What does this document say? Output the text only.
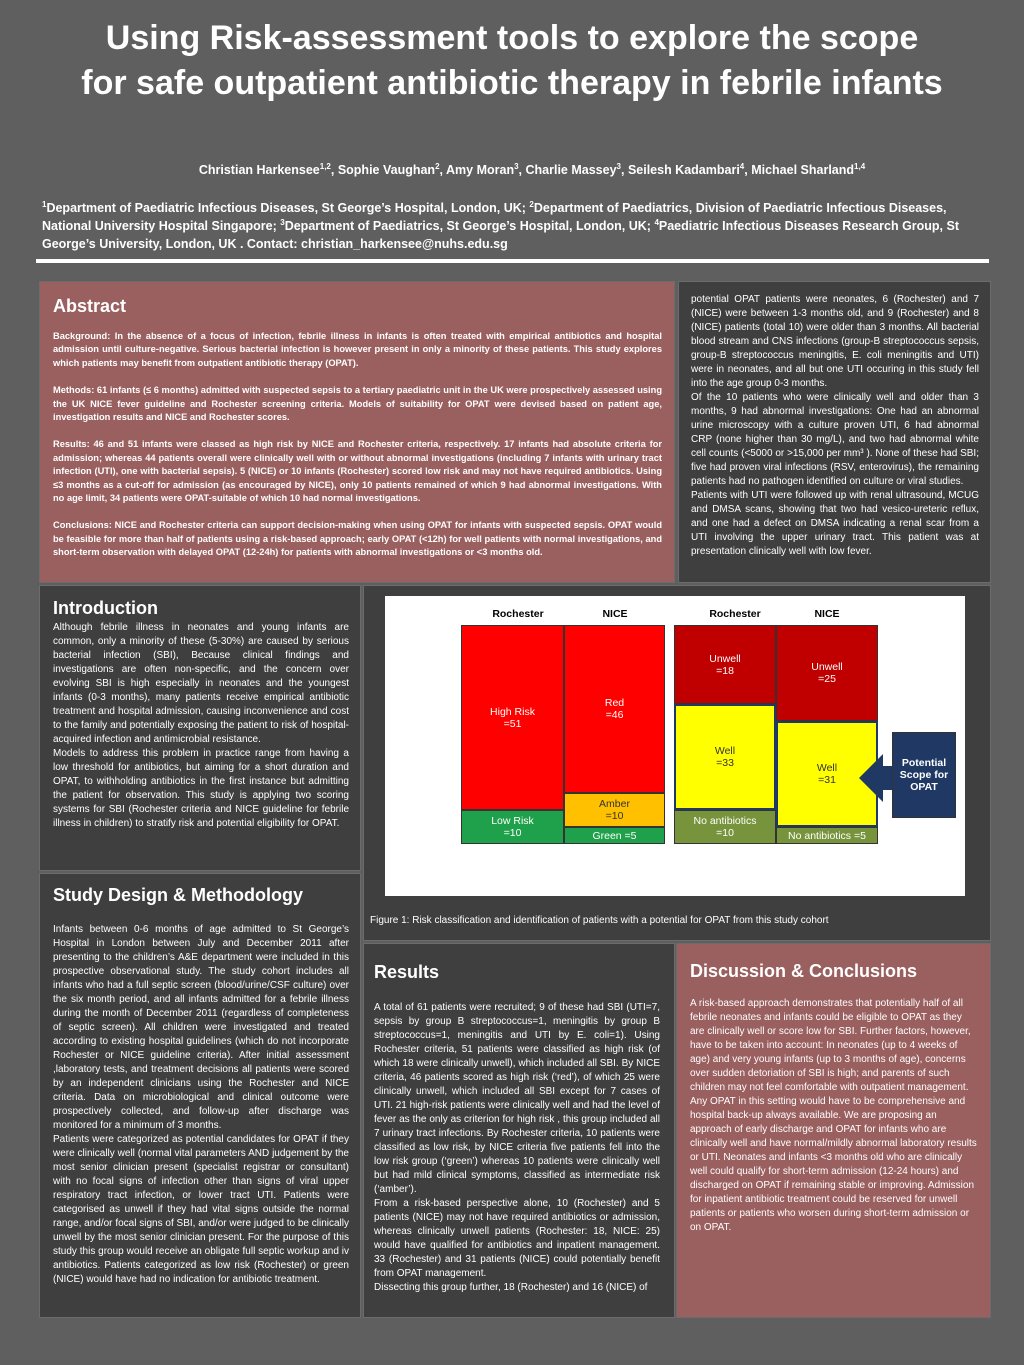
Using Risk-assessment tools to explore the scope
for safe outpatient antibiotic therapy in febrile infants
Christian Harkensee$^{1,2}$, Sophie Vaughan$^2$, Amy Moran$^3$, Charlie Massey$^3$, Seilesh Kadambari$^4$, Michael Sharland$^{1,4}$
$^1$Department of Paediatric Infectious Diseases, St George’s Hospital, London, UK; $^2$Department of Paediatrics, Division of Paediatric Infectious Diseases, National University Hospital Singapore; $^3$Department of Paediatrics, St George’s Hospital, London, UK; $^4$Paediatric Infectious Diseases Research Group, St George’s University, London, UK . Contact: christian_harkensee@nuhs.edu.sg
Abstract

Background: In the absence of a focus of infection, febrile illness in infants is often treated with empirical antibiotics and hospital admission until culture-negative. Serious bacterial infection is however present in only a minority of these patients. This study explores which patients may benefit from outpatient antibiotic therapy (OPAT).

Methods: 61 infants (≤ 6 months) admitted with suspected sepsis to a tertiary paediatric unit in the UK were prospectively assessed using the UK NICE fever guideline and Rochester screening criteria. Models of suitability for OPAT were devised based on patient age, investigation results and NICE and Rochester scores.

Results: 46 and 51 infants were classed as high risk by NICE and Rochester criteria, respectively. 17 infants had absolute criteria for admission; whereas 44 patients overall were clinically well with or without abnormal investigations (including 7 infants with urinary tract infection (UTI), one with bacterial sepsis). 5 (NICE) or 10 infants (Rochester) scored low risk and may not have required antibiotics. Using ≤3 months as a cut-off for admission (as encouraged by NICE), only 10 patients remained of which 9 had abnormal investigations. With no age limit, 34 patients were OPAT-suitable of which 10 had normal investigations.

Conclusions: NICE and Rochester criteria can support decision-making when using OPAT for infants with suspected sepsis. OPAT would be feasible for more than half of patients using a risk-based approach; early OPAT (<12h) for well patients with normal investigations, and short-term observation with delayed OPAT (12-24h) for patients with abnormal investigations or <3 months old.

potential OPAT patients were neonates, 6 (Rochester) and 7 (NICE) were between 1-3 months old, and 9 (Rochester) and 8 (NICE) patients (total 10) were older than 3 months. All bacterial blood stream and CNS infections (group-B streptococcus sepsis, group-B streptococcus meningitis, E. coli meningitis and UTI) were in neonates, and all but one UTI occuring in this study fell into the age group 0-3 months.

Of the 10 patients who were clinically well and older than 3 months, 9 had abnormal investigations: One had an abnormal urine microscopy with a culture proven UTI, 6 had abnormal CRP (none higher than 30 mg/L), and two had abnormal white cell counts (<5000 or >15,000 per mm³ ). None of these had SBI; five had proven viral infections (RSV, enterovirus), the remaining patients had no pathogen identified on culture or viral studies.

Patients with UTI were followed up with renal ultrasound, MCUG and DMSA scans, showing that two had vesico-ureteric reflux, and one had a defect on DMSA indicating a renal scar from a UTI involving the upper urinary tract. This patient was at presentation clinically well with low fever.

Introduction

Although febrile illness in neonates and young infants are common, only a minority of these (5-30%) are caused by serious bacterial infection (SBI), Because clinical findings and investigations are often non-specific, and the concern over evolving SBI is high especially in neonates and the youngest infants (0-3 months), many patients receive empirical antibiotic treatment and hospital admission, causing inconvenience and cost to the family and potentially exposing the patient to risk of hospital-acquired infection and antimicrobial resistance.

Models to address this problem in practice range from having a low threshold for antibiotics, but aiming for a short duration and OPAT, to withholding antibiotics in the first instance but admitting the patient for observation. This study is applying two scoring systems for SBI (Rochester criteria and NICE guideline for febrile illness in children) to stratify risk and potential eligibility for OPAT.

Study Design & Methodology

Infants between 0-6 months of age admitted to St George’s Hospital in London between July and December 2011 after presenting to the children’s A&E department were included in this prospective observational study. The study cohort includes all infants who had a full septic screen (blood/urine/CSF culture) over the six month period, and all infants admitted for a febrile illness during the month of December 2011 (regardless of completeness of septic screen). All children were investigated and treated according to existing hospital guidelines (which do not incorporate Rochester or NICE guideline criteria). After initial assessment ,laboratory tests, and treatment decisions all patients were scored by an independent clinicians using the Rochester and NICE criteria. Data on microbiological and clinical outcome were prospectively collected, and follow-up after discharge was monitored for a minimum of 3 months.

Patients were categorized as potential candidates for OPAT if they were clinically well (normal vital parameters AND judgement by the most senior clinician present (specialist registrar or consultant) with no focal signs of infection other than signs of viral upper respiratory tract infection, or lower tract UTI. Patients were categorised as unwell if they had vital signs outside the normal range, and/or focal signs of SBI, and/or were judged to be clinically unwell by the most senior clinician present. For the purpose of this study this group would receive an obligate full septic workup and iv antibiotics. Patients categorized as low risk (Rochester) or green (NICE) would have had no indication for antibiotic treatment.

Rochester	NICE	Rochester	NICE
High Risk
=51
Low Risk
=10
Red
=46
Amber
=10
Green =5
Unwell
=18
Well
=33
No antibiotics
=10
Unwell
=25
Well
=31
No antibiotics =5
Potential
Scope for
OPAT
Figure 1: Risk classification and identification of patients with a potential for OPAT from this study cohort
Results

A total of 61 patients were recruited; 9 of these had SBI (UTI=7, sepsis by group B streptococcus=1, meningitis by group B streptococcus=1, meningitis and UTI by E. coli=1). Using Rochester criteria, 51 patients were classified as high risk (of which 18 were clinically unwell), which included all SBI. By NICE criteria, 46 patients scored as high risk (‘red’), of which 25 were clinically unwell, which included all SBI except for 7 cases of UTI. 21 high-risk patients were clinically well and had the level of fever as the only as criterion for high risk , this group included all 7 urinary tract infections. By Rochester criteria, 10 patients were classified as low risk, by NICE criteria five patients fell into the low risk group (‘green’) whereas 10 patients were clinically well but had mild clinical symptoms, classified as intermediate risk (‘amber’).

From a risk-based perspective alone, 10 (Rochester) and 5 patients (NICE) may not have required antibiotics or admission, whereas clinically unwell patients (Rochester: 18, NICE: 25) would have qualified for antibiotics and inpatient management. 33 (Rochester) and 31 patients (NICE) could potentially benefit from OPAT management.

Dissecting this group further, 18 (Rochester) and 16 (NICE) of

Discussion & Conclusions

A risk-based approach demonstrates that potentially half of all febrile neonates and infants could be eligible to OPAT as they are clinically well or score low for SBI. Further factors, however, have to be taken into account: In neonates (up to 4 weeks of age) and very young infants (up to 3 months of age), concerns over sudden detoriation of SBI is high; and parents of such children may not feel comfortable with outpatient management. Any OPAT in this setting would have to be comprehensive and hospital back-up always available. We are proposing an approach of early discharge and OPAT for infants who are clinically well and have normal/mildly abnormal laboratory results or UTI. Neonates and infants <3 months old who are clinically well could qualify for short-term admission (12-24 hours) and discharged on OPAT if remaining stable or improving. Admission for inpatient antibiotic treatment could be reserved for unwell patients or patients who worsen during short-term admission or on OPAT.
